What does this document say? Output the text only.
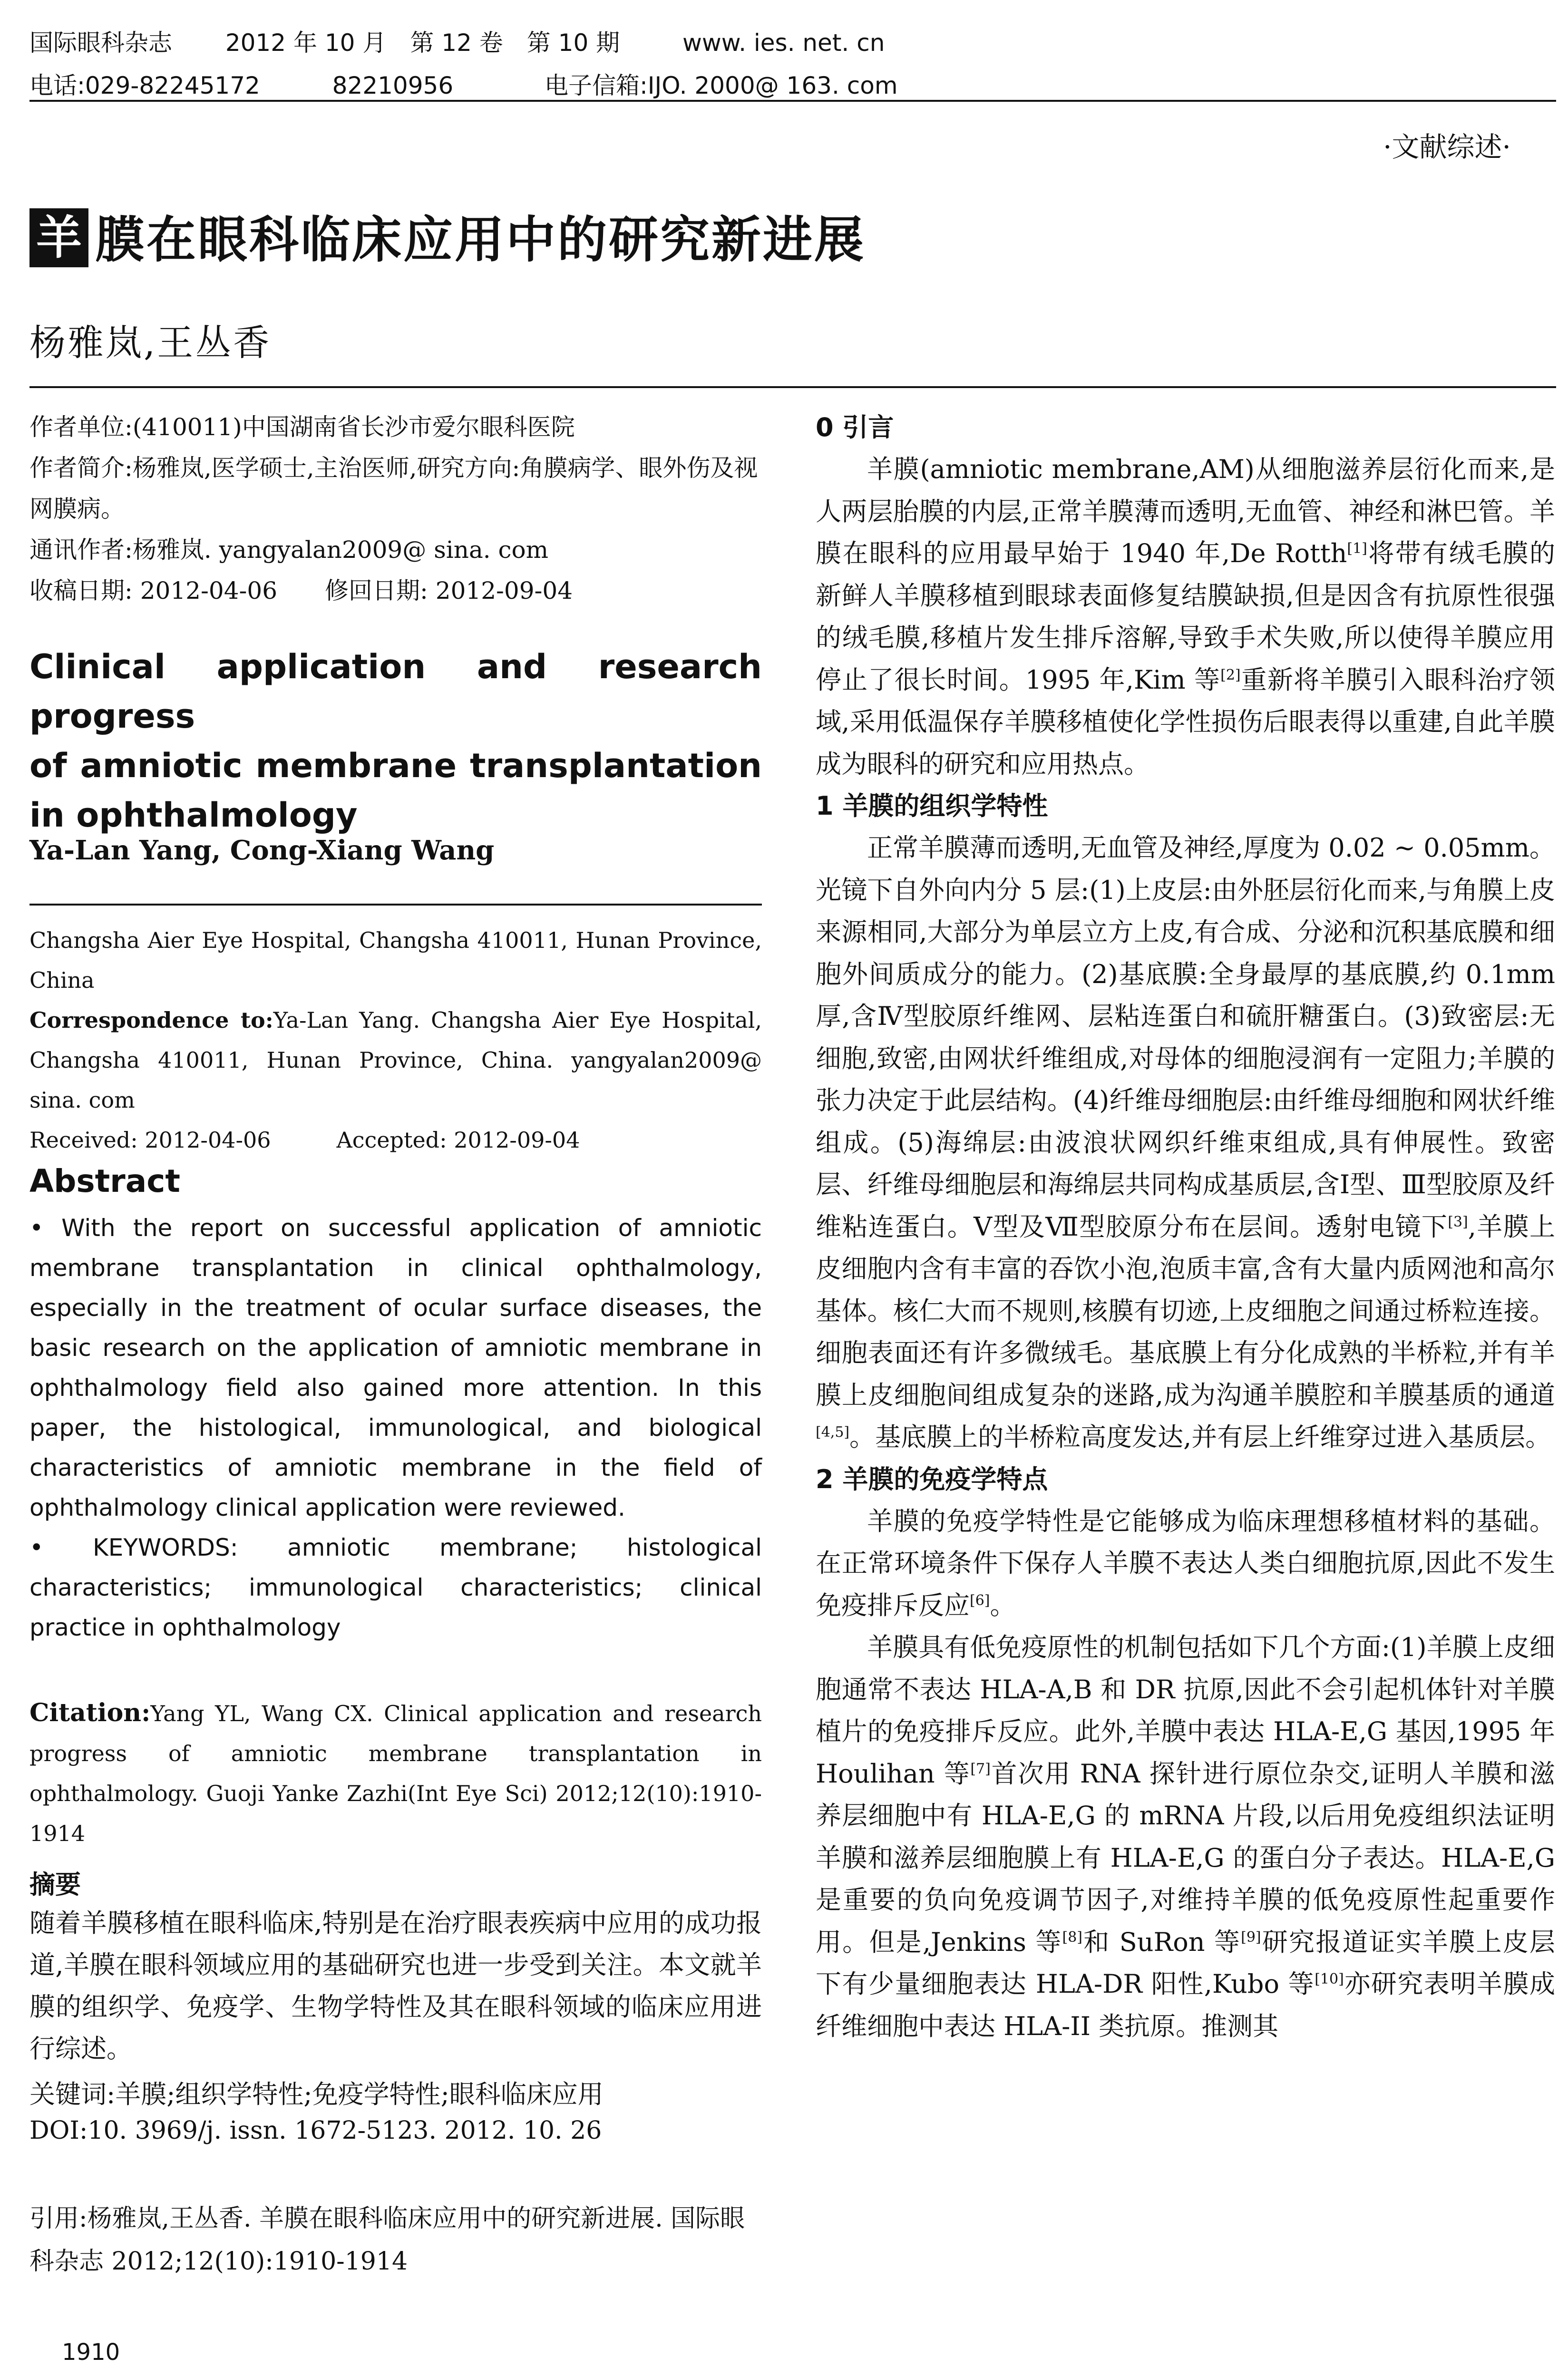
国际眼科杂志 2012 年 10 月　第 12 卷　第 10 期	www. ies. net. cn
电话:029-82245172	82210956	电子信箱:IJO. 2000@ 163. com
·文献综述·
羊 膜在眼科临床应用中的研究新进展
杨雅岚,王丛香
作者单位:(410011)中国湖南省长沙市爱尔眼科医院
作者简介:杨雅岚,医学硕士,主治医师,研究方向:角膜病学、眼外伤及视网膜病。
通讯作者:杨雅岚. yangyalan2009@ sina. com
收稿日期: 2012-04-06　　修回日期: 2012-09-04
Clinical application and research progress
of amniotic membrane transplantation
in ophthalmology
Ya-Lan Yang, Cong-Xiang Wang
Changsha Aier Eye Hospital, Changsha 410011, Hunan Province, China
Correspondence to:Ya-Lan Yang. Changsha Aier Eye Hospital, Changsha 410011, Hunan Province, China. yangyalan2009@ sina. com
Received: 2012-04-06　　　Accepted: 2012-09-04
Abstract

• With the report on successful application of amniotic membrane transplantation in clinical ophthalmology, especially in the treatment of ocular surface diseases, the basic research on the application of amniotic membrane in ophthalmology field also gained more attention. In this paper, the histological, immunological, and biological characteristics of amniotic membrane in the field of ophthalmology clinical application were reviewed.

• KEYWORDS: amniotic membrane; histological characteristics; immunological characteristics; clinical practice in ophthalmology

Citation:Yang YL, Wang CX. Clinical application and research progress of amniotic membrane transplantation in ophthalmology. Guoji Yanke Zazhi(Int Eye Sci) 2012;12(10):1910-1914
摘要
随着羊膜移植在眼科临床,特别是在治疗眼表疾病中应用的成功报道,羊膜在眼科领域应用的基础研究也进一步受到关注。本文就羊膜的组织学、免疫学、生物学特性及其在眼科领域的临床应用进行综述。
关键词:羊膜;组织学特性;免疫学特性;眼科临床应用
DOI:10. 3969/j. issn. 1672-5123. 2012. 10. 26
引用:杨雅岚,王丛香. 羊膜在眼科临床应用中的研究新进展. 国际眼科杂志 2012;12(10):1910-1914
1910
0 引言

羊膜(amniotic membrane,AM)从细胞滋养层衍化而来,是人两层胎膜的内层,正常羊膜薄而透明,无血管、神经和淋巴管。羊膜在眼科的应用最早始于 1940 年,De Rotth[1]将带有绒毛膜的新鲜人羊膜移植到眼球表面修复结膜缺损,但是因含有抗原性很强的绒毛膜,移植片发生排斥溶解,导致手术失败,所以使得羊膜应用停止了很长时间。1995 年,Kim 等[2]重新将羊膜引入眼科治疗领域,采用低温保存羊膜移植使化学性损伤后眼表得以重建,自此羊膜成为眼科的研究和应用热点。

1 羊膜的组织学特性

正常羊膜薄而透明,无血管及神经,厚度为 0.02 ~ 0.05mm。光镜下自外向内分 5 层:(1)上皮层:由外胚层衍化而来,与角膜上皮来源相同,大部分为单层立方上皮,有合成、分泌和沉积基底膜和细胞外间质成分的能力。(2)基底膜:全身最厚的基底膜,约 0.1mm 厚,含Ⅳ型胶原纤维网、层粘连蛋白和硫肝糖蛋白。(3)致密层:无细胞,致密,由网状纤维组成,对母体的细胞浸润有一定阻力;羊膜的张力决定于此层结构。(4)纤维母细胞层:由纤维母细胞和网状纤维组成。(5)海绵层:由波浪状网织纤维束组成,具有伸展性。致密层、纤维母细胞层和海绵层共同构成基质层,含Ⅰ型、Ⅲ型胶原及纤维粘连蛋白。Ⅴ型及Ⅶ型胶原分布在层间。透射电镜下[3],羊膜上皮细胞内含有丰富的吞饮小泡,泡质丰富,含有大量内质网池和高尔基体。核仁大而不规则,核膜有切迹,上皮细胞之间通过桥粒连接。细胞表面还有许多微绒毛。基底膜上有分化成熟的半桥粒,并有羊膜上皮细胞间组成复杂的迷路,成为沟通羊膜腔和羊膜基质的通道[4,5]。基底膜上的半桥粒高度发达,并有层上纤维穿过进入基质层。

2 羊膜的免疫学特点

羊膜的免疫学特性是它能够成为临床理想移植材料的基础。在正常环境条件下保存人羊膜不表达人类白细胞抗原,因此不发生免疫排斥反应[6]。

羊膜具有低免疫原性的机制包括如下几个方面:(1)羊膜上皮细胞通常不表达 HLA-A,B 和 DR 抗原,因此不会引起机体针对羊膜植片的免疫排斥反应。此外,羊膜中表达 HLA-E,G 基因,1995 年 Houlihan 等[7]首次用 RNA 探针进行原位杂交,证明人羊膜和滋养层细胞中有 HLA-E,G 的 mRNA 片段,以后用免疫组织法证明羊膜和滋养层细胞膜上有 HLA-E,G 的蛋白分子表达。HLA-E,G 是重要的负向免疫调节因子,对维持羊膜的低免疫原性起重要作用。但是,Jenkins 等[8]和 SuRon 等[9]研究报道证实羊膜上皮层下有少量细胞表达 HLA-DR 阳性,Kubo 等[10]亦研究表明羊膜成纤维细胞中表达 HLA-II 类抗原。推测其
